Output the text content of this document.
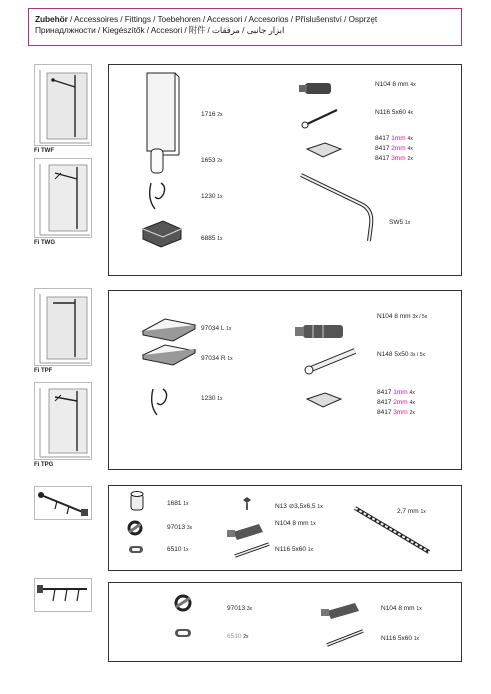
Zubehör / Accessoires / Fittings / Toebehoren / Accessori / Accesorios / Příslušenství / Osprzęt
Принадлжности / Kiegészítők / Accesori / 附件 / ابزار جانبی / مرفقات
Fi TWF
Fi TWG
Fi TPF
Fi TPG
1716 2x
1653 2x
1230 1x
6885 1x
N104 8 mm 4x
N116 5x60 4x
8417 1mm 4x
8417 2mm 4x
8417 3mm 2x
SW5 1x
97034 L 1x
97034 R 1x
1230 1x
N104 8 mm 3x / 5x
N148 5x50 3x / 5x
8417 1mm 4x
8417 2mm 4x
8417 3mm 2x
1681 1x
97013 3x
6510 1x
N13 ⊘3,5x6,5 1x
N104 8 mm 1x
N116 5x60 1x
2,7 mm 1x
97013 3x
6510 2x
N104 8 mm 1x
N116 5x60 1x
